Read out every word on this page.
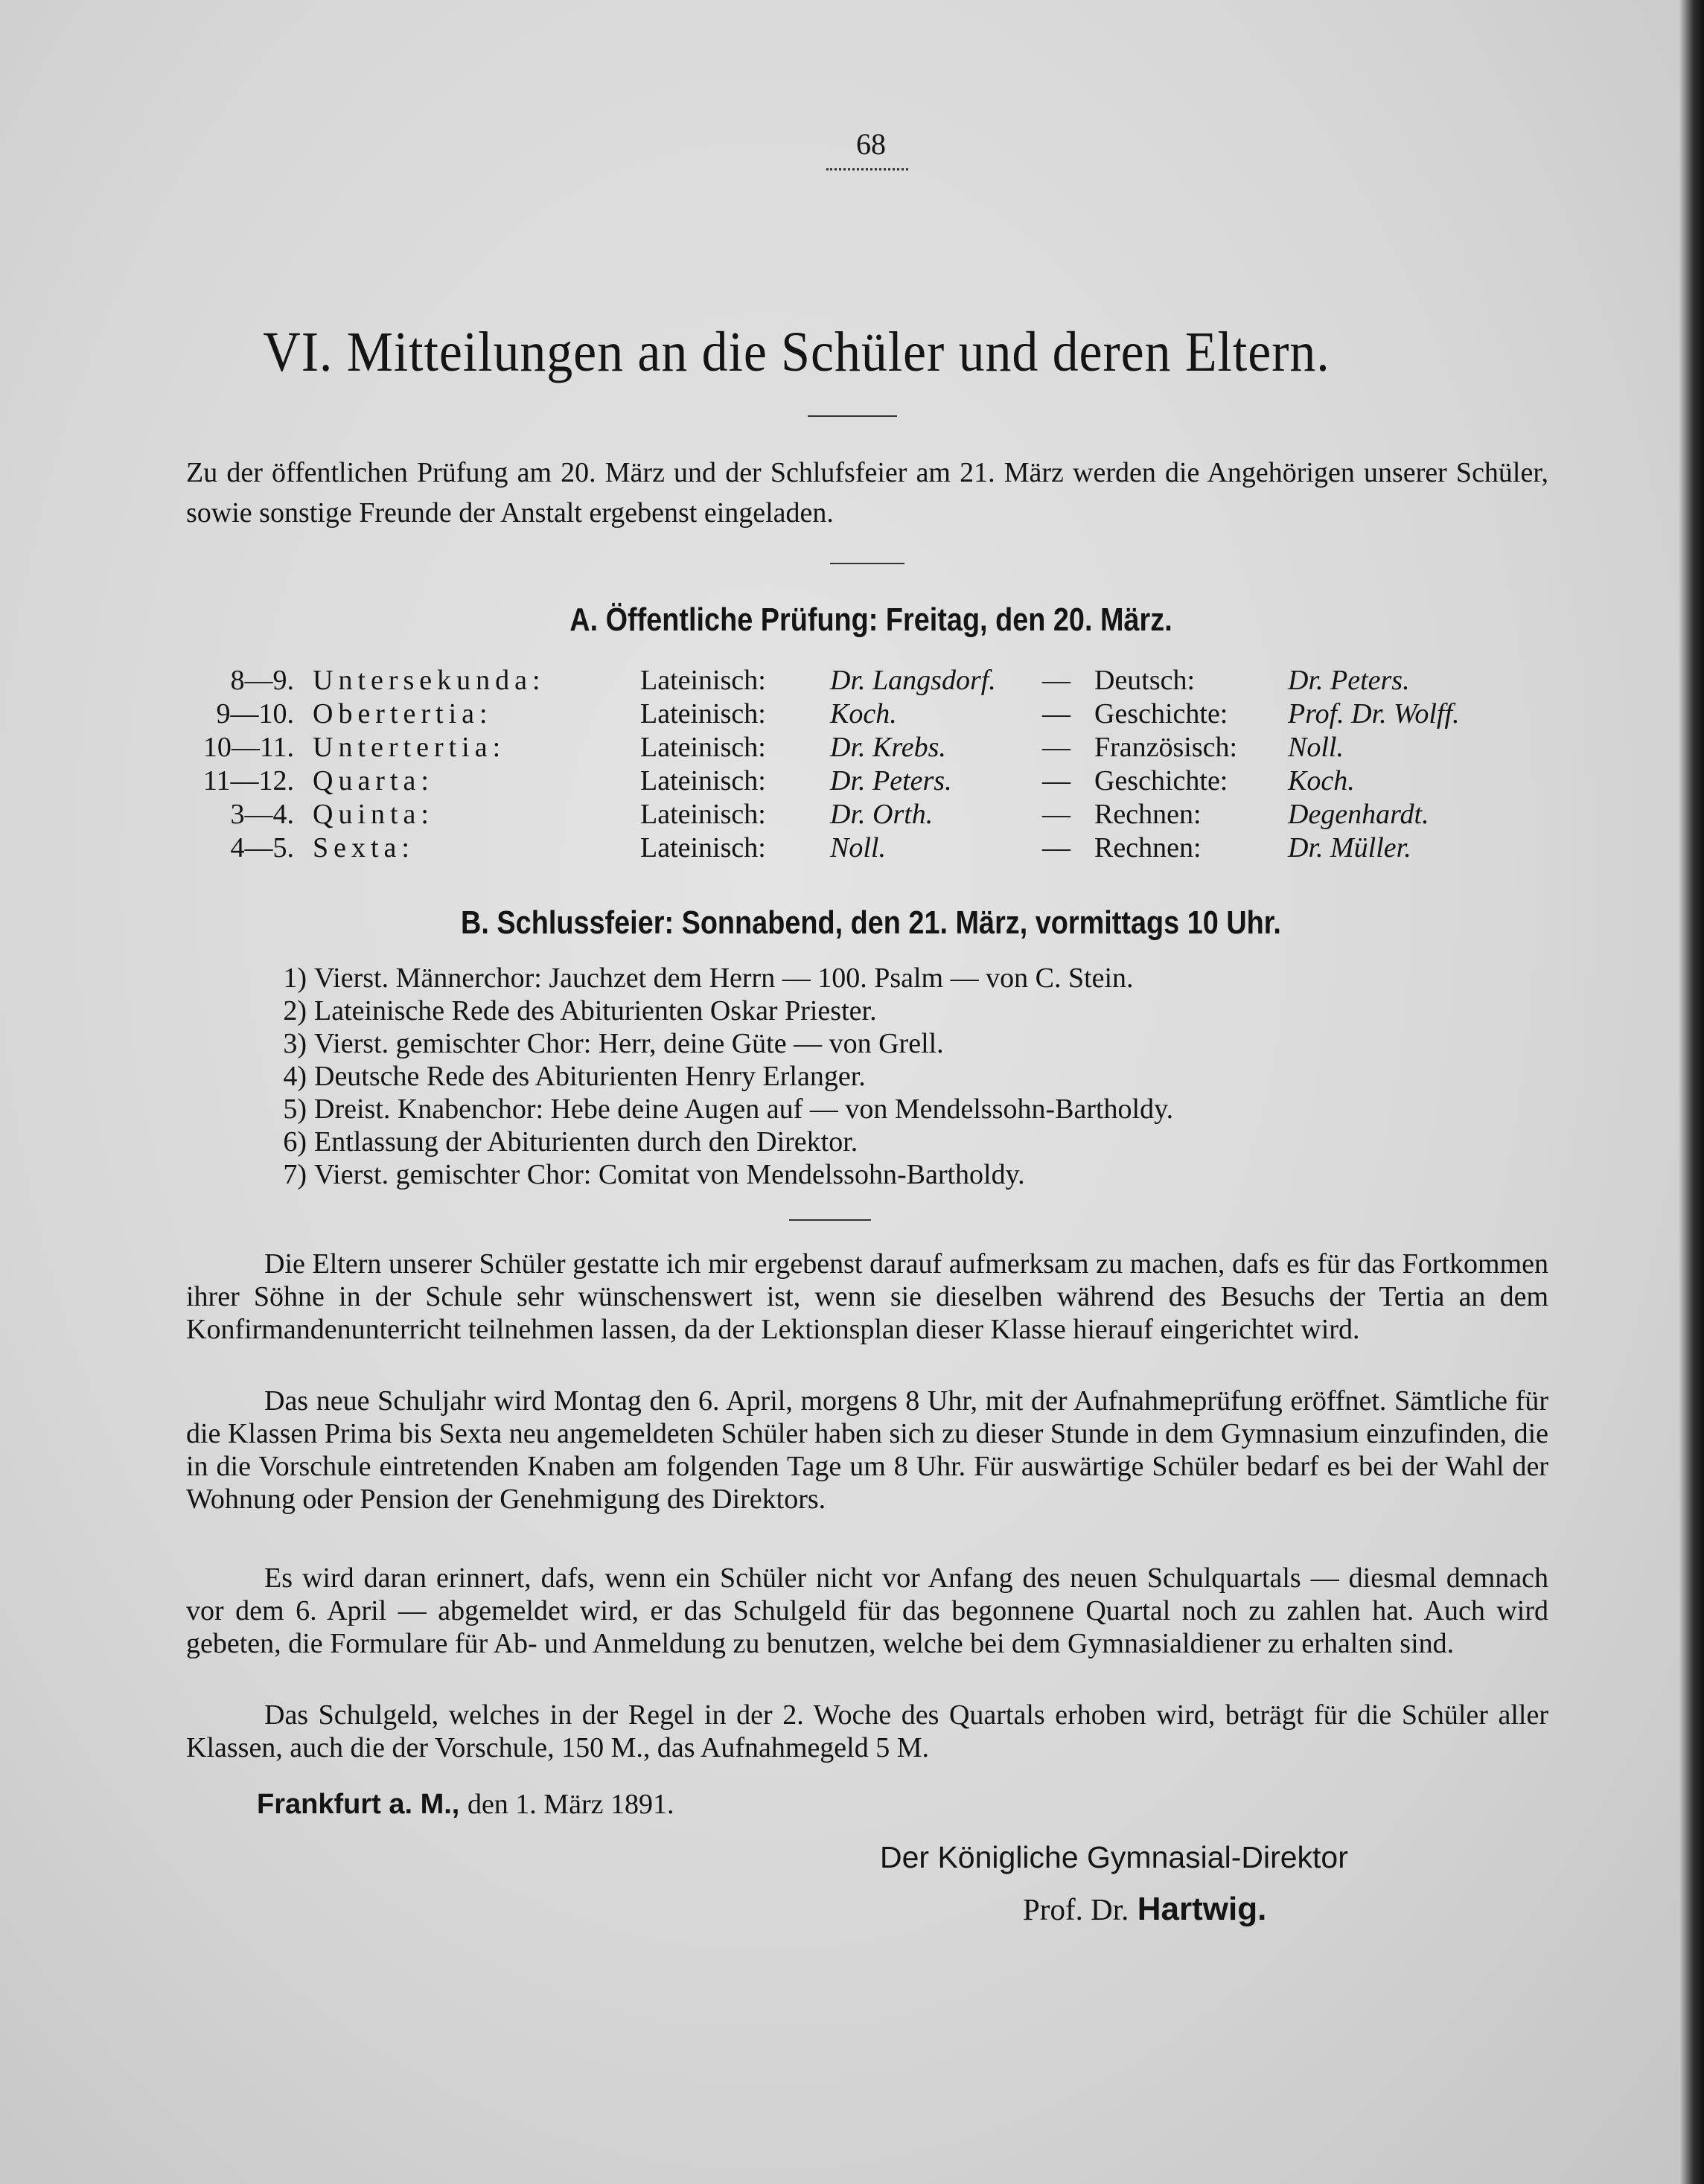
68
VI. Mitteilungen an die Schüler und deren Eltern.

Zu der öffentlichen Prüfung am 20. März und der Schlufsfeier am 21. März werden die Angehörigen unserer Schüler, sowie sonstige Freunde der Anstalt ergebenst eingeladen.

A. Öffentliche Prüfung: Freitag, den 20. März.
8—9. Untersekunda:	Lateinisch: Dr. Langsdorf. — Deutsch:	Dr. Peters.
9—10. Obertertia:	Lateinisch: Koch.	— Geschichte: Prof. Dr. Wolff.
10—11. Untertertia:	Lateinisch: Dr. Krebs.	— Französisch: Noll.
11—12. Quarta:	Lateinisch: Dr. Peters.	— Geschichte: Koch.
3—4. Quinta:	Lateinisch: Dr. Orth.	— Rechnen:	Degenhardt.
4—5. Sexta:	Lateinisch: Noll.	— Rechnen:	Dr. Müller.
B. Schlussfeier: Sonnabend, den 21. März, vormittags 10 Uhr.
1) Vierst. Männerchor: Jauchzet dem Herrn — 100. Psalm — von C. Stein.
2) Lateinische Rede des Abiturienten Oskar Priester.
3) Vierst. gemischter Chor: Herr, deine Güte — von Grell.
4) Deutsche Rede des Abiturienten Henry Erlanger.
5) Dreist. Knabenchor: Hebe deine Augen auf — von Mendelssohn-Bartholdy.
6) Entlassung der Abiturienten durch den Direktor.
7) Vierst. gemischter Chor: Comitat von Mendelssohn-Bartholdy.

Die Eltern unserer Schüler gestatte ich mir ergebenst darauf aufmerksam zu machen, dafs es für das Fortkommen ihrer Söhne in der Schule sehr wünschenswert ist, wenn sie dieselben während des Besuchs der Tertia an dem Konfirmandenunterricht teilnehmen lassen, da der Lektionsplan dieser Klasse hierauf eingerichtet wird.

Das neue Schuljahr wird Montag den 6. April, morgens 8 Uhr, mit der Aufnahmeprüfung eröffnet. Sämtliche für die Klassen Prima bis Sexta neu angemeldeten Schüler haben sich zu dieser Stunde in dem Gymnasium einzufinden, die in die Vorschule eintretenden Knaben am folgenden Tage um 8 Uhr. Für auswärtige Schüler bedarf es bei der Wahl der Wohnung oder Pension der Genehmigung des Direktors.

Es wird daran erinnert, dafs, wenn ein Schüler nicht vor Anfang des neuen Schulquartals — diesmal demnach vor dem 6. April — abgemeldet wird, er das Schulgeld für das begonnene Quartal noch zu zahlen hat. Auch wird gebeten, die Formulare für Ab- und Anmeldung zu benutzen, welche bei dem Gymnasialdiener zu erhalten sind.

Das Schulgeld, welches in der Regel in der 2. Woche des Quartals erhoben wird, beträgt für die Schüler aller Klassen, auch die der Vorschule, 150 M., das Aufnahmegeld 5 M.

Frankfurt a. M., den 1. März 1891.
Der Königliche Gymnasial-Direktor
Prof. Dr. Hartwig.
